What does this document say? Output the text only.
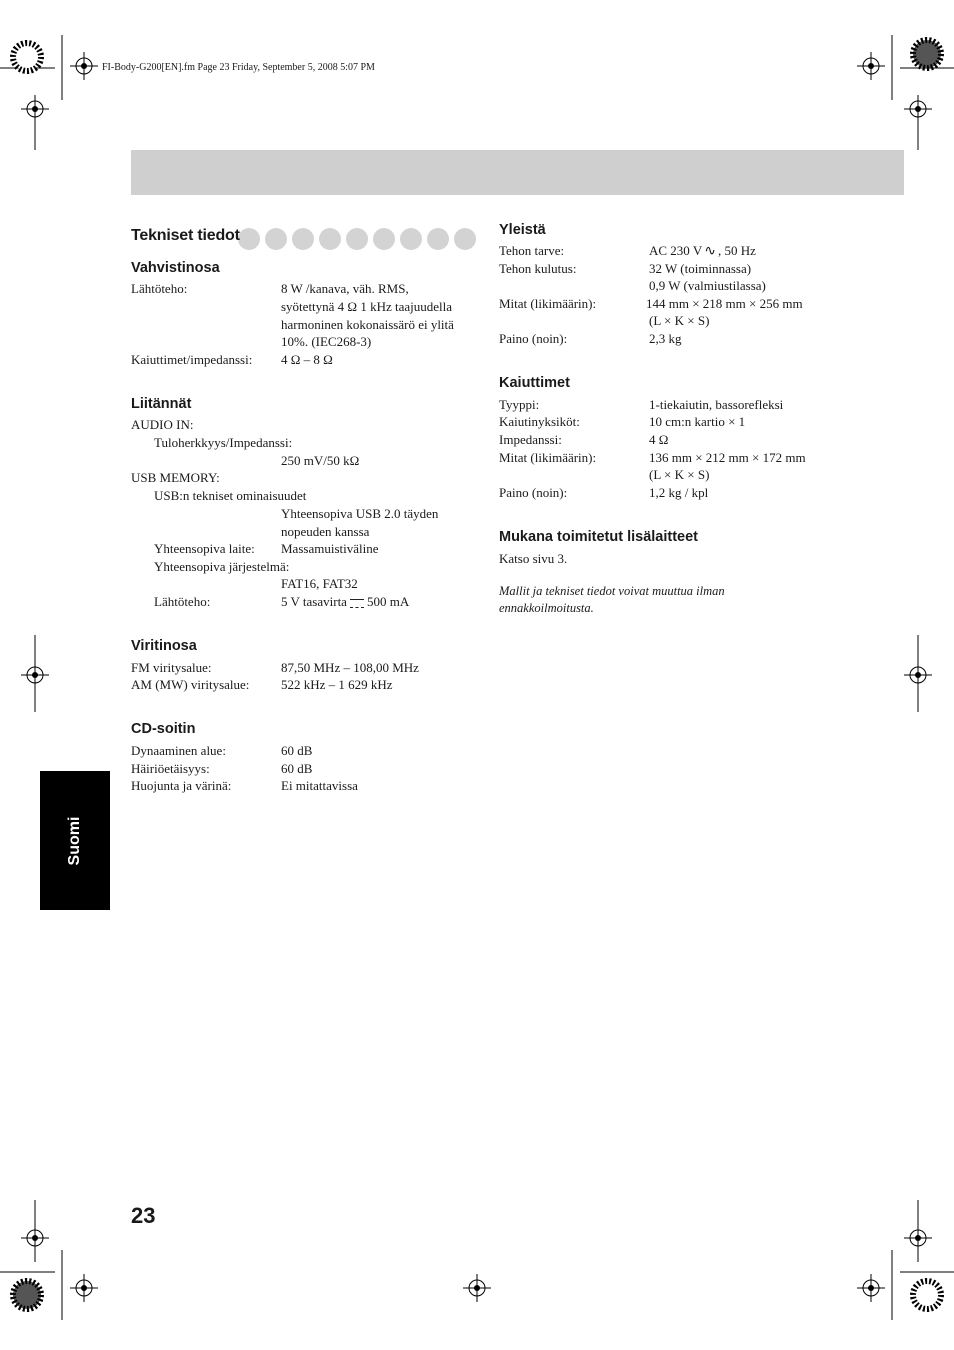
FI-Body-G200[EN].fm Page 23 Friday, September 5, 2008 5:07 PM
Tekniset tiedot
Vahvistinosa
Lähtöteho:	8 W /kanava, väh. RMS,
syötettynä 4 Ω 1 kHz taajuudella
harmoninen kokonaissärö ei ylitä
10%. (IEC268-3)
Kaiuttimet/impedanssi: 4 Ω – 8 Ω
Liitännät
AUDIO IN:
Tuloherkkyys/Impedanssi:
250 mV/50 kΩ
USB MEMORY:
USB:n tekniset ominaisuudet
Yhteensopiva USB 2.0 täyden
nopeuden kanssa
Yhteensopiva laite: Massamuistiväline
Yhteensopiva järjestelmä:
FAT16, FAT32
Lähtöteho:	5 V tasavirta 500 mA
Viritinosa
FM viritysalue:	87,50 MHz – 108,00 MHz
AM (MW) viritysalue: 522 kHz – 1 629 kHz
CD-soitin
Dynaaminen alue:	60 dB
Häiriöetäisyys:	60 dB
Huojunta ja värinä:	Ei mitattavissa
Yleistä
Tehon tarve:	AC 230 V ∿ , 50 Hz
Tehon kulutus:	32 W (toiminnassa)
0,9 W (valmiustilassa)
Mitat (likimäärin):	144 mm × 218 mm × 256 mm
(L × K × S)
Paino (noin):	2,3 kg
Kaiuttimet
Tyyppi:	1-tiekaiutin, bassorefleksi
Kaiutinyksiköt:	10 cm:n kartio × 1
Impedanssi:	4 Ω
Mitat (likimäärin):	136 mm × 212 mm × 172 mm
(L × K × S)
Paino (noin):	1,2 kg / kpl
Mukana toimitetut lisälaitteet
Katso sivu 3.
Mallit ja tekniset tiedot voivat muuttua ilman
ennakkoilmoitusta.
Suomi
23
